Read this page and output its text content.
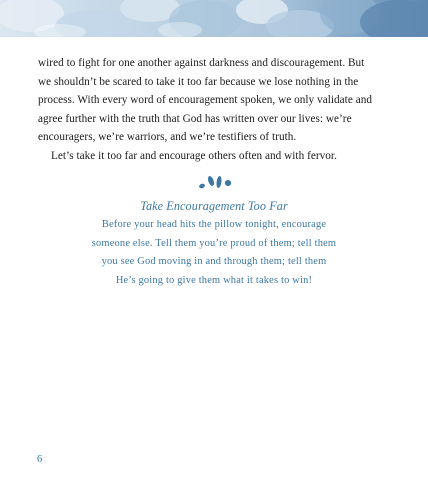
wired to fight for one another against darkness and discouragement. But
we shouldn’t be scared to take it too far because we lose nothing in the
process. With every word of encouragement spoken, we only validate and
agree further with the truth that God has written over our lives: we’re
encouragers, we’re warriors, and we’re testifiers of truth.
Let’s take it too far and encourage others often and with fervor.
Take Encouragement Too Far
Before your head hits the pillow tonight, encourage
someone else. Tell them you’re proud of them; tell them
you see God moving in and through them; tell them
He’s going to give them what it takes to win!
6
